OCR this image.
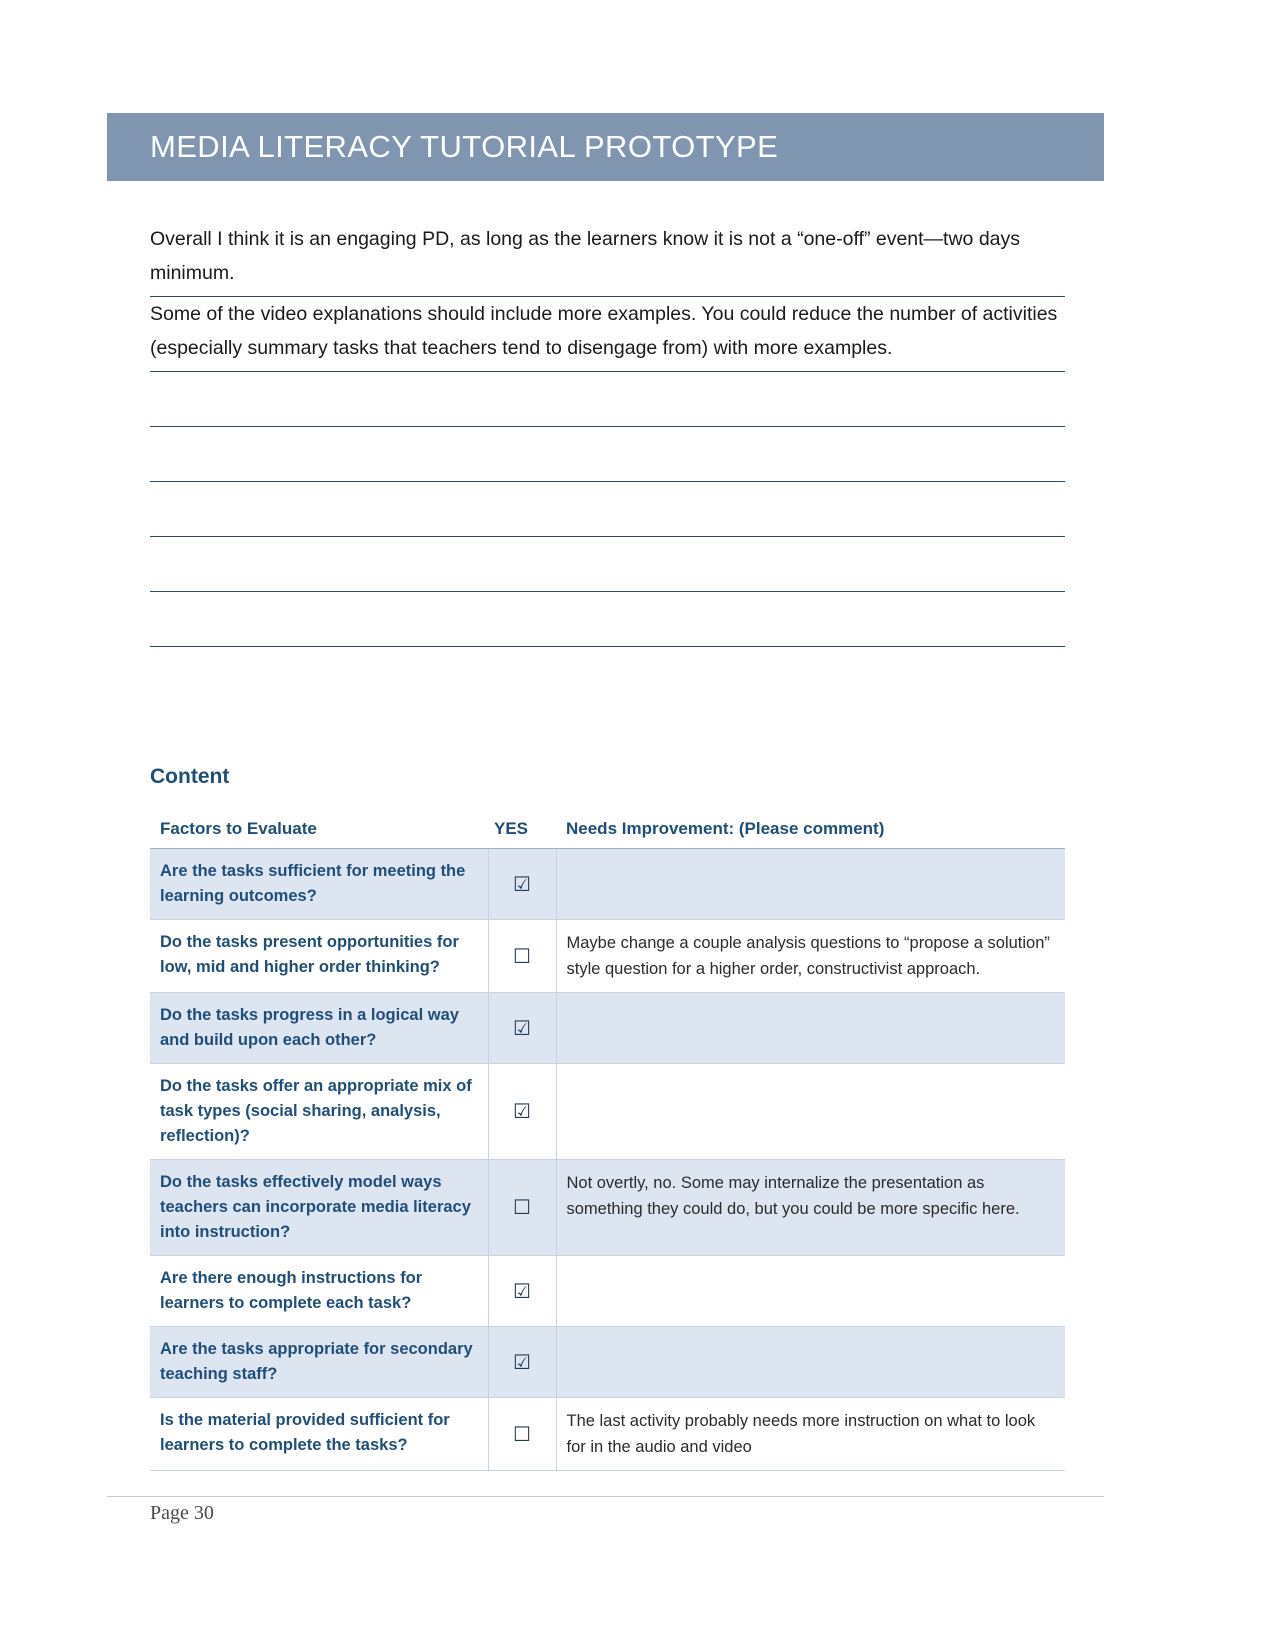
MEDIA LITERACY TUTORIAL PROTOTYPE

Overall I think it is an engaging PD, as long as the learners know it is not a “one-off” event—two days minimum.

Some of the video explanations should include more examples. You could reduce the number of activities (especially summary tasks that teachers tend to disengage from) with more examples.

Content
Factors to Evaluate	YES	Needs Improvement: (Please comment)
Are the tasks sufficient for meeting the learning outcomes?	☑	
Do the tasks present opportunities for low, mid and higher order thinking?	☐	Maybe change a couple analysis questions to “propose a solution” style question for a higher order, constructivist approach.
Do the tasks progress in a logical way and build upon each other?	☑	
Do the tasks offer an appropriate mix of task types (social sharing, analysis, reflection)?	☑	
Do the tasks effectively model ways teachers can incorporate media literacy into instruction?	☐	Not overtly, no. Some may internalize the presentation as something they could do, but you could be more specific here.
Are there enough instructions for learners to complete each task?	☑	
Are the tasks appropriate for secondary teaching staff?	☑	
Is the material provided sufficient for learners to complete the tasks?	☐	The last activity probably needs more instruction on what to look for in the audio and video
Page 30
